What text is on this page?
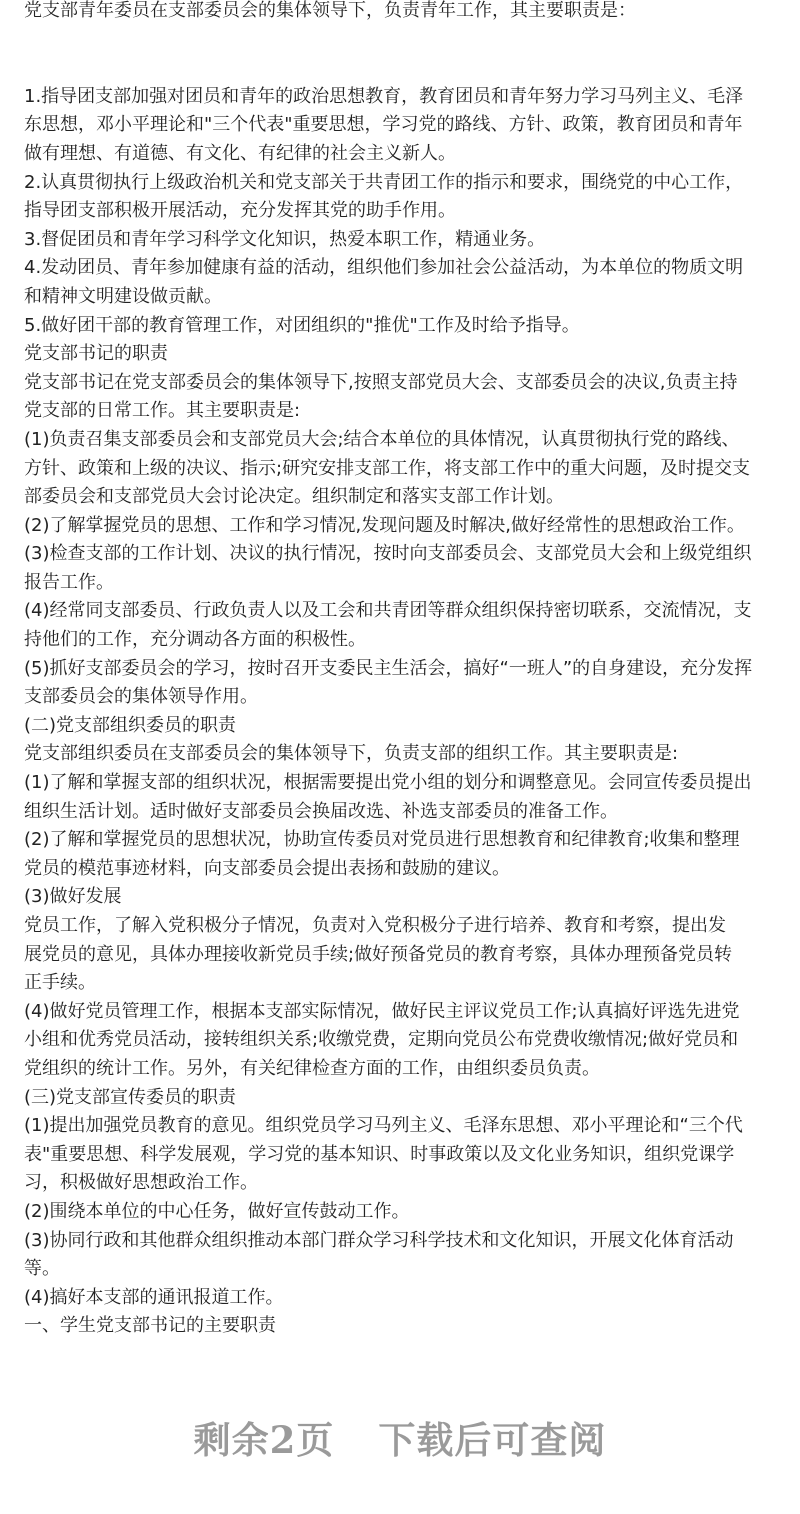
党支部青年委员在支部委员会的集体领导下，负责青年工作，其主要职责是：
1.指导团支部加强对团员和青年的政治思想教育，教育团员和青年努力学习马列主义、毛泽
东思想，邓小平理论和"三个代表"重要思想，学习党的路线、方针、政策，教育团员和青年
做有理想、有道德、有文化、有纪律的社会主义新人。
2.认真贯彻执行上级政治机关和党支部关于共青团工作的指示和要求，围绕党的中心工作，
指导团支部积极开展活动，充分发挥其党的助手作用。
3.督促团员和青年学习科学文化知识，热爱本职工作，精通业务。
4.发动团员、青年参加健康有益的活动，组织他们参加社会公益活动，为本单位的物质文明
和精神文明建设做贡献。
5.做好团干部的教育管理工作，对团组织的"推优"工作及时给予指导。
党支部书记的职责
党支部书记在党支部委员会的集体领导下,按照支部党员大会、支部委员会的决议,负责主持
党支部的日常工作。其主要职责是:
(1)负责召集支部委员会和支部党员大会;结合本单位的具体情况，认真贯彻执行党的路线、
方针、政策和上级的决议、指示;研究安排支部工作，将支部工作中的重大问题，及时提交支
部委员会和支部党员大会讨论决定。组织制定和落实支部工作计划。
(2)了解掌握党员的思想、工作和学习情况,发现问题及时解决,做好经常性的思想政治工作。
(3)检查支部的工作计划、决议的执行情况，按时向支部委员会、支部党员大会和上级党组织
报告工作。
(4)经常同支部委员、行政负责人以及工会和共青团等群众组织保持密切联系，交流情况，支
持他们的工作，充分调动各方面的积极性。
(5)抓好支部委员会的学习，按时召开支委民主生活会，搞好“一班人”的自身建设，充分发挥
支部委员会的集体领导作用。
(二)党支部组织委员的职责
党支部组织委员在支部委员会的集体领导下，负责支部的组织工作。其主要职责是:
(1)了解和掌握支部的组织状况，根据需要提出党小组的划分和调整意见。会同宣传委员提出
组织生活计划。适时做好支部委员会换届改选、补选支部委员的准备工作。
(2)了解和掌握党员的思想状况，协助宣传委员对党员进行思想教育和纪律教育;收集和整理
党员的模范事迹材料，向支部委员会提出表扬和鼓励的建议。
(3)做好发展
党员工作，了解入党积极分子情况，负责对入党积极分子进行培养、教育和考察，提出发
展党员的意见，具体办理接收新党员手续;做好预备党员的教育考察，具体办理预备党员转
正手续。
(4)做好党员管理工作，根据本支部实际情况，做好民主评议党员工作;认真搞好评选先进党
小组和优秀党员活动，接转组织关系;收缴党费，定期向党员公布党费收缴情况;做好党员和
党组织的统计工作。另外，有关纪律检查方面的工作，由组织委员负责。
(三)党支部宣传委员的职责
(1)提出加强党员教育的意见。组织党员学习马列主义、毛泽东思想、邓小平理论和“三个代
表"重要思想、科学发展观，学习党的基本知识、时事政策以及文化业务知识，组织党课学
习，积极做好思想政治工作。
(2)围绕本单位的中心任务，做好宣传鼓动工作。
(3)协同行政和其他群众组织推动本部门群众学习科学技术和文化知识，开展文化体育活动
等。
(4)搞好本支部的通讯报道工作。
一、学生党支部书记的主要职责
剩余2页 下载后可查阅
